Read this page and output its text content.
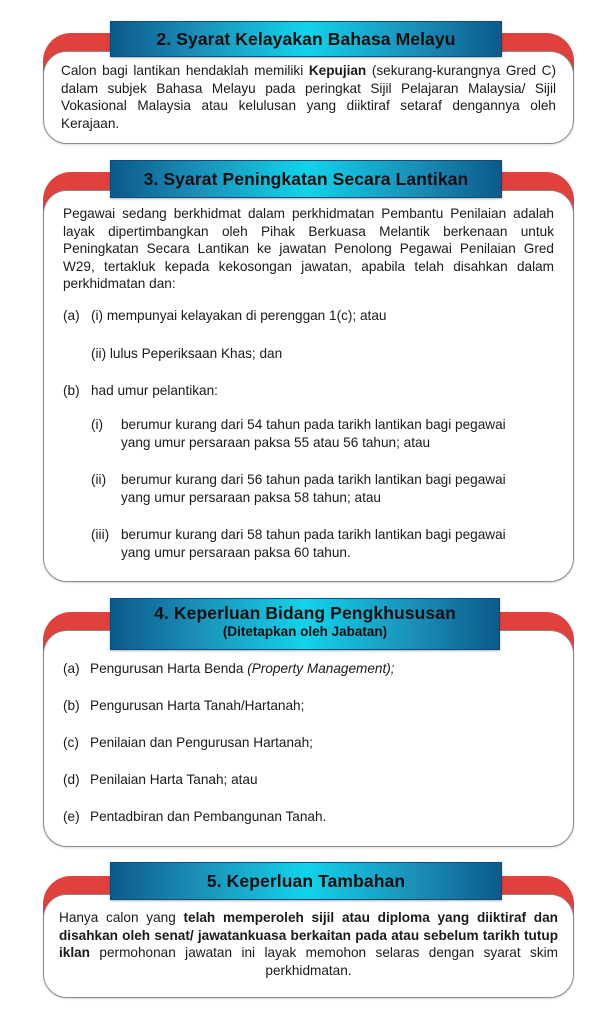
2. Syarat Kelayakan Bahasa Melayu
Calon bagi lantikan hendaklah memiliki Kepujian (sekurang-kurangnya Gred C) dalam subjek Bahasa Melayu pada peringkat Sijil Pelajaran Malaysia/ Sijil Vokasional Malaysia atau kelulusan yang diiktiraf setaraf dengannya oleh Kerajaan.
3. Syarat Peningkatan Secara Lantikan
Pegawai sedang berkhidmat dalam perkhidmatan Pembantu Penilaian adalah layak dipertimbangkan oleh Pihak Berkuasa Melantik berkenaan untuk Peningkatan Secara Lantikan ke jawatan Penolong Pegawai Penilaian Gred W29, tertakluk kepada kekosongan jawatan, apabila telah disahkan dalam perkhidmatan dan:
(a) (i) mempunyai kelayakan di perenggan 1(c); atau
(ii) lulus Peperiksaan Khas; dan
(b) had umur pelantikan:
(i) berumur kurang dari 54 tahun pada tarikh lantikan bagi pegawai
yang umur persaraan paksa 55 atau 56 tahun; atau
(ii) berumur kurang dari 56 tahun pada tarikh lantikan bagi pegawai
yang umur persaraan paksa 58 tahun; atau
(iii) berumur kurang dari 58 tahun pada tarikh lantikan bagi pegawai
yang umur persaraan paksa 60 tahun.
4. Keperluan Bidang Pengkhususan
(Ditetapkan oleh Jabatan)
(a) Pengurusan Harta Benda (Property Management);
(b) Pengurusan Harta Tanah/Hartanah;
(c) Penilaian dan Pengurusan Hartanah;
(d) Penilaian Harta Tanah; atau
(e) Pentadbiran dan Pembangunan Tanah.
5. Keperluan Tambahan
Hanya calon yang telah memperoleh sijil atau diploma yang diiktiraf dan disahkan oleh senat/ jawatankuasa berkaitan pada atau sebelum tarikh tutup iklan permohonan jawatan ini layak memohon selaras dengan syarat skim perkhidmatan.
